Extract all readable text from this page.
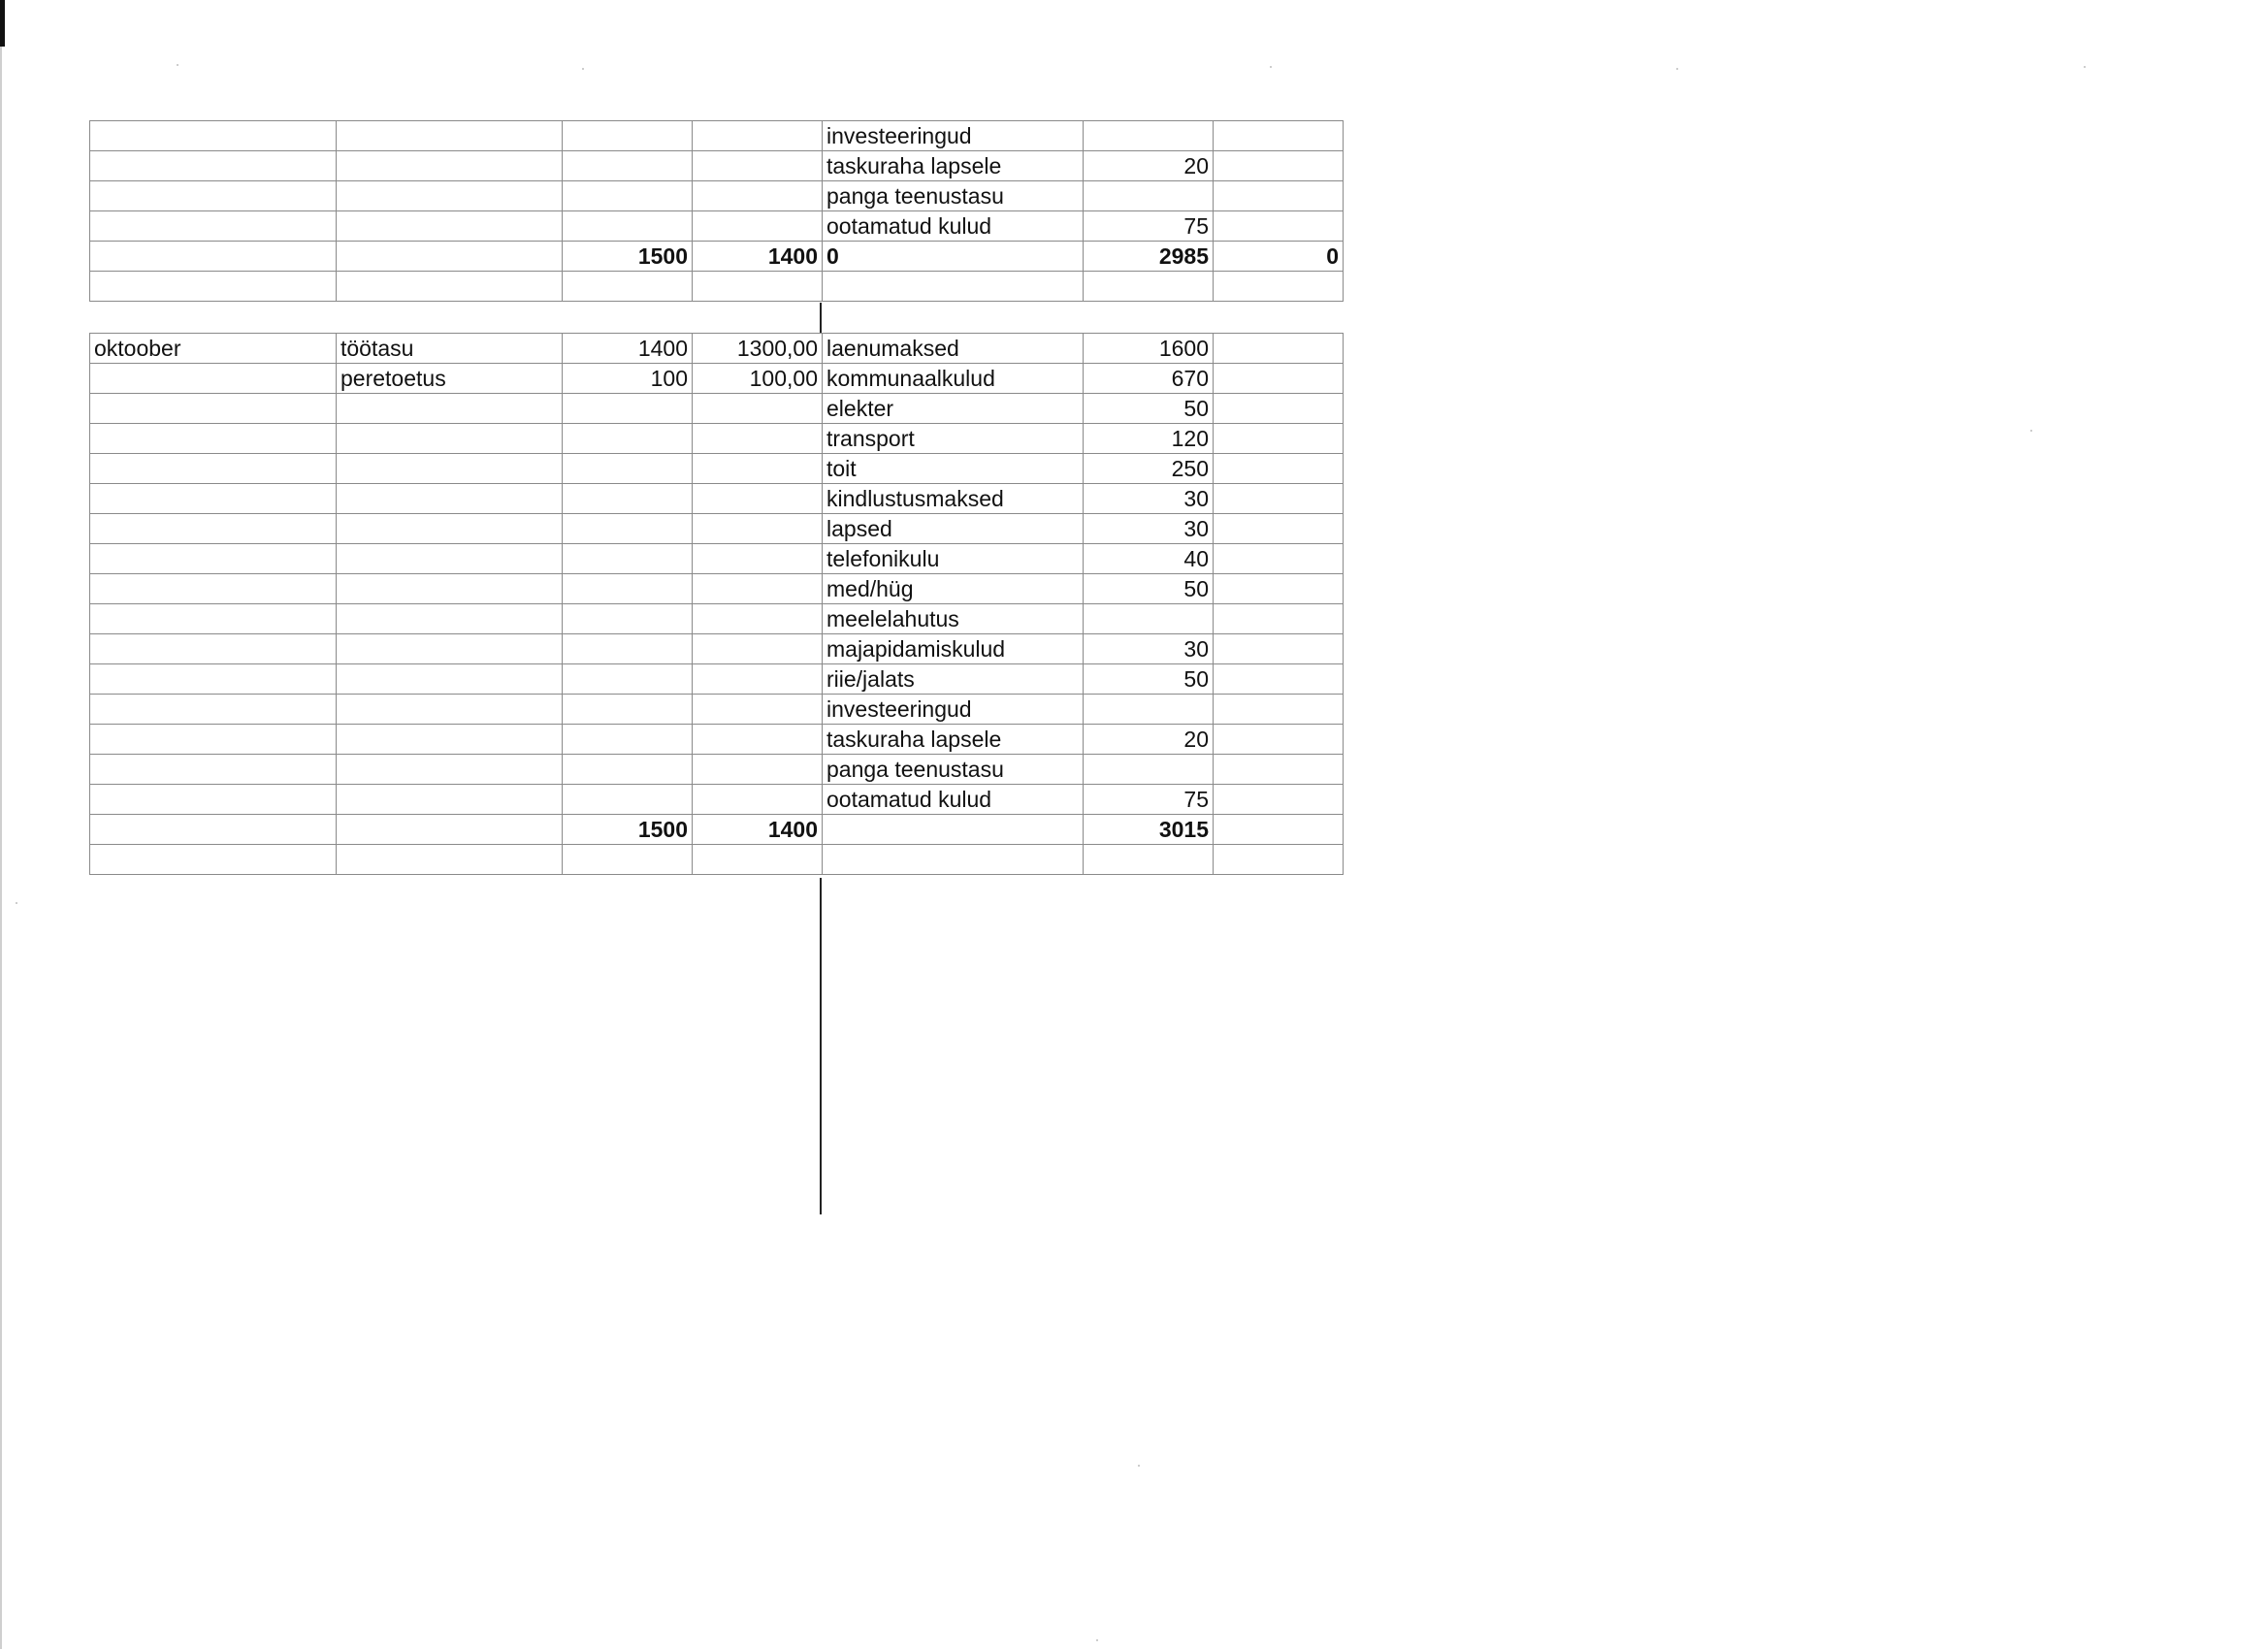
				investeeringud		
				taskuraha lapsele	20	
				panga teenustasu		
				ootamatud kulud	75	
		1500	1400	0	2985	0

oktoober	töötasu	1400	1300,00	laenumaksed	1600	
	peretoetus	100	100,00	kommunaalkulud	670	
				elekter	50	
				transport	120	
				toit	250	
				kindlustusmaksed	30	
				lapsed	30	
				telefonikulu	40	
				med/hüg	50	
				meelelahutus		
				majapidamiskulud	30	
				riie/jalats	50	
				investeeringud		
				taskuraha lapsele	20	
				panga teenustasu		
				ootamatud kulud	75	
		1500	1400		3015	
